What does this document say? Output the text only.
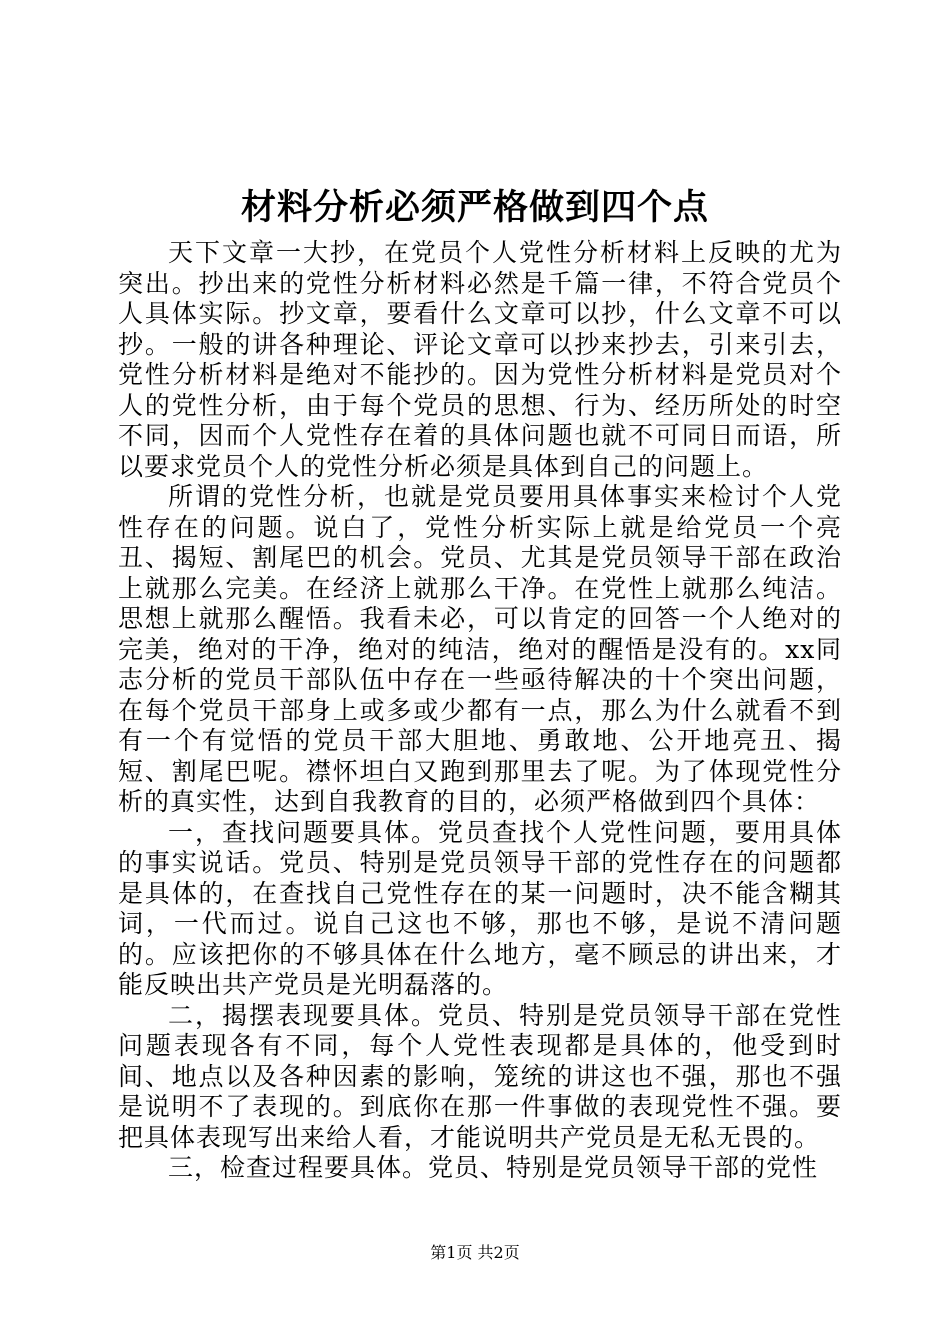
材料分析必须严格做到四个点

天下文章一大抄，在党员个人党性分析材料上反映的尤为突出。抄出来的党性分析材料必然是千篇一律，不符合党员个人具体实际。抄文章，要看什么文章可以抄，什么文章不可以抄。一般的讲各种理论、评论文章可以抄来抄去，引来引去，党性分析材料是绝对不能抄的。因为党性分析材料是党员对个人的党性分析，由于每个党员的思想、行为、经历所处的时空不同，因而个人党性存在着的具体问题也就不可同日而语，所以要求党员个人的党性分析必须是具体到自己的问题上。

所谓的党性分析，也就是党员要用具体事实来检讨个人党性存在的问题。说白了，党性分析实际上就是给党员一个亮丑、揭短、割尾巴的机会。党员、尤其是党员领导干部在政治上就那么完美。在经济上就那么干净。在党性上就那么纯洁。思想上就那么醒悟。我看未必，可以肯定的回答一个人绝对的完美，绝对的干净，绝对的纯洁，绝对的醒悟是没有的。xx同志分析的党员干部队伍中存在一些亟待解决的十个突出问题，在每个党员干部身上或多或少都有一点，那么为什么就看不到有一个有觉悟的党员干部大胆地、勇敢地、公开地亮丑、揭短、割尾巴呢。襟怀坦白又跑到那里去了呢。为了体现党性分析的真实性，达到自我教育的目的，必须严格做到四个具体：

一，查找问题要具体。党员查找个人党性问题，要用具体的事实说话。党员、特别是党员领导干部的党性存在的问题都是具体的，在查找自己党性存在的某一问题时，决不能含糊其词，一代而过。说自己这也不够，那也不够，是说不清问题的。应该把你的不够具体在什么地方，毫不顾忌的讲出来，才能反映出共产党员是光明磊落的。

二，揭摆表现要具体。党员、特别是党员领导干部在党性问题表现各有不同，每个人党性表现都是具体的，他受到时间、地点以及各种因素的影响，笼统的讲这也不强，那也不强是说明不了表现的。到底你在那一件事做的表现党性不强。要把具体表现写出来给人看，才能说明共产党员是无私无畏的。

三，检查过程要具体。党员、特别是党员领导干部的党性

第1页 共2页
